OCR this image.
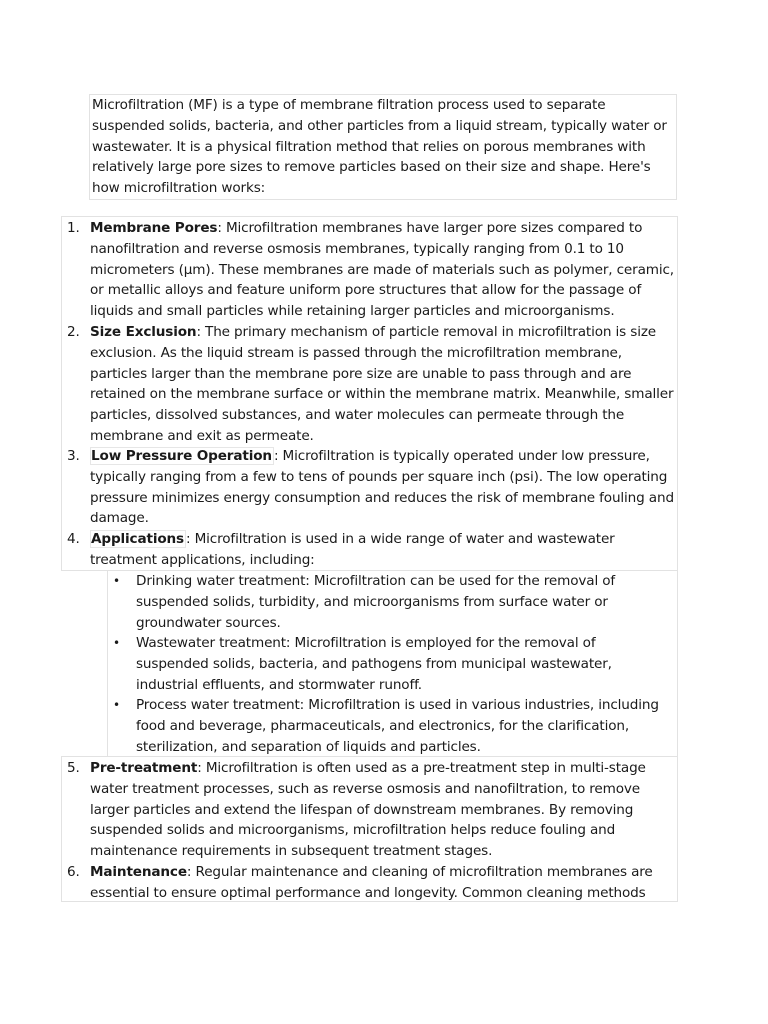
Microfiltration (MF) is a type of membrane filtration process used to separate suspended solids, bacteria, and other particles from a liquid stream, typically water or wastewater. It is a physical filtration method that relies on porous membranes with relatively large pore sizes to remove particles based on their size and shape. Here's how microfiltration works:
1. Membrane Pores: Microfiltration membranes have larger pore sizes compared to nanofiltration and reverse osmosis membranes, typically ranging from 0.1 to 10 micrometers (µm). These membranes are made of materials such as polymer, ceramic, or metallic alloys and feature uniform pore structures that allow for the passage of liquids and small particles while retaining larger particles and microorganisms.
2. Size Exclusion: The primary mechanism of particle removal in microfiltration is size exclusion. As the liquid stream is passed through the microfiltration membrane, particles larger than the membrane pore size are unable to pass through and are retained on the membrane surface or within the membrane matrix. Meanwhile, smaller particles, dissolved substances, and water molecules can permeate through the membrane and exit as permeate.
3. Low Pressure Operation : Microfiltration is typically operated under low pressure, typically ranging from a few to tens of pounds per square inch (psi). The low operating pressure minimizes energy consumption and reduces the risk of membrane fouling and damage.
4. Applications : Microfiltration is used in a wide range of water and wastewater treatment applications, including:
• Drinking water treatment: Microfiltration can be used for the removal of suspended solids, turbidity, and microorganisms from surface water or groundwater sources.
• Wastewater treatment: Microfiltration is employed for the removal of suspended solids, bacteria, and pathogens from municipal wastewater, industrial effluents, and stormwater runoff.
• Process water treatment: Microfiltration is used in various industries, including food and beverage, pharmaceuticals, and electronics, for the clarification, sterilization, and separation of liquids and particles.
5. Pre-treatment: Microfiltration is often used as a pre-treatment step in multi-stage water treatment processes, such as reverse osmosis and nanofiltration, to remove larger particles and extend the lifespan of downstream membranes. By removing suspended solids and microorganisms, microfiltration helps reduce fouling and maintenance requirements in subsequent treatment stages.
6. Maintenance: Regular maintenance and cleaning of microfiltration membranes are essential to ensure optimal performance and longevity. Common cleaning methods
